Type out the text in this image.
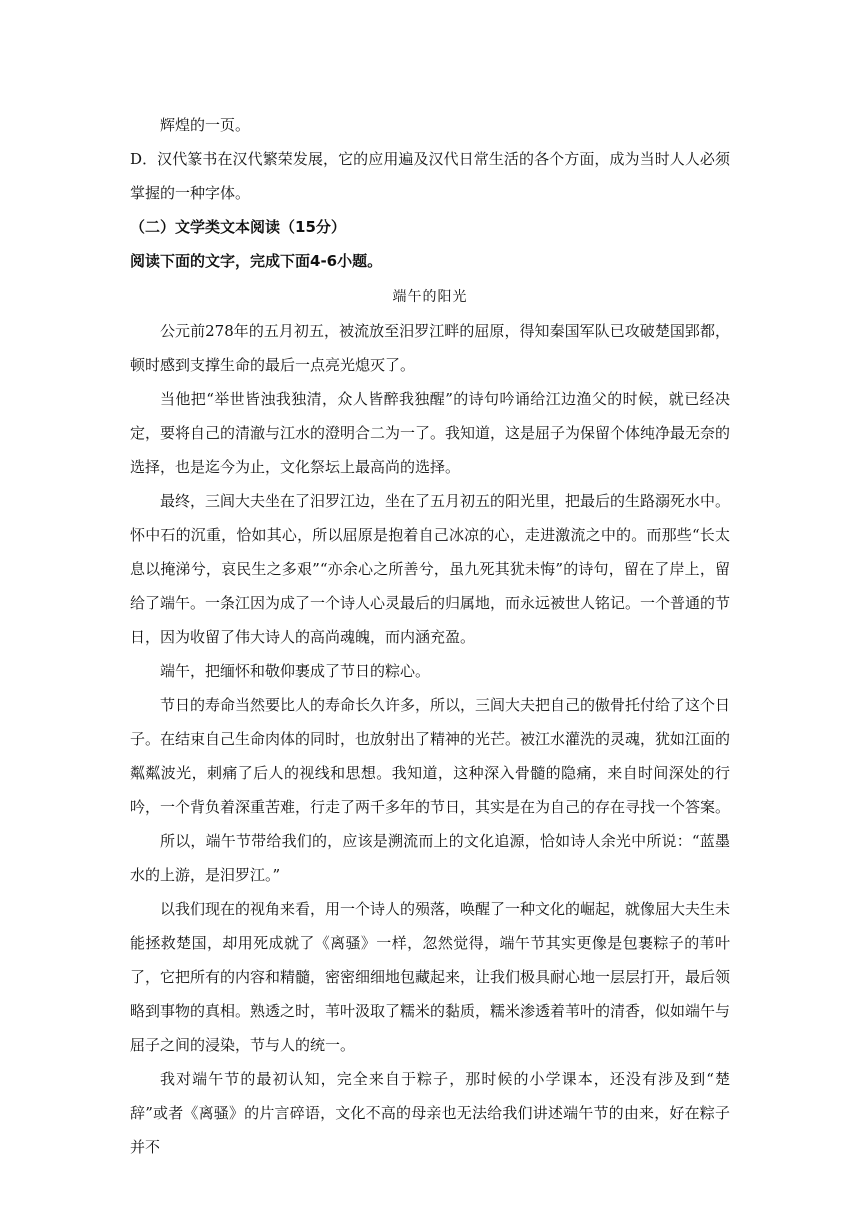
辉煌的一页。

D．汉代篆书在汉代繁荣发展，它的应用遍及汉代日常生活的各个方面，成为当时人人必须掌握的一种字体。

（二）文学类文本阅读（15分）

阅读下面的文字，完成下面4-6小题。

端午的阳光

公元前278年的五月初五，被流放至汨罗江畔的屈原，得知秦国军队已攻破楚国郢都，顿时感到支撑生命的最后一点亮光熄灭了。

当他把“举世皆浊我独清，众人皆醉我独醒”的诗句吟诵给江边渔父的时候，就已经决定，要将自己的清澈与江水的澄明合二为一了。我知道，这是屈子为保留个体纯净最无奈的选择，也是迄今为止，文化祭坛上最高尚的选择。

最终，三闾大夫坐在了汨罗江边，坐在了五月初五的阳光里，把最后的生路溺死水中。怀中石的沉重，恰如其心，所以屈原是抱着自己冰凉的心，走进激流之中的。而那些“长太息以掩涕兮，哀民生之多艰”“亦余心之所善兮，虽九死其犹未悔”的诗句，留在了岸上，留给了端午。一条江因为成了一个诗人心灵最后的归属地，而永远被世人铭记。一个普通的节日，因为收留了伟大诗人的高尚魂魄，而内涵充盈。

端午，把缅怀和敬仰裹成了节日的粽心。

节日的寿命当然要比人的寿命长久许多，所以，三闾大夫把自己的傲骨托付给了这个日子。在结束自己生命肉体的同时，也放射出了精神的光芒。被江水灌洗的灵魂，犹如江面的粼粼波光，刺痛了后人的视线和思想。我知道，这种深入骨髓的隐痛，来自时间深处的行吟，一个背负着深重苦难，行走了两千多年的节日，其实是在为自己的存在寻找一个答案。

所以，端午节带给我们的，应该是溯流而上的文化追源，恰如诗人余光中所说：“蓝墨水的上游，是汨罗江。”

以我们现在的视角来看，用一个诗人的殒落，唤醒了一种文化的崛起，就像屈大夫生未能拯救楚国，却用死成就了《离骚》一样，忽然觉得，端午节其实更像是包裹粽子的苇叶了，它把所有的内容和精髓，密密细细地包藏起来，让我们极具耐心地一层层打开，最后领略到事物的真相。熟透之时，苇叶汲取了糯米的黏质，糯米渗透着苇叶的清香，似如端午与屈子之间的浸染，节与人的统一。

我对端午节的最初认知，完全来自于粽子，那时候的小学课本，还没有涉及到“楚辞”或者《离骚》的片言碎语，文化不高的母亲也无法给我们讲述端午节的由来，好在粽子并不
